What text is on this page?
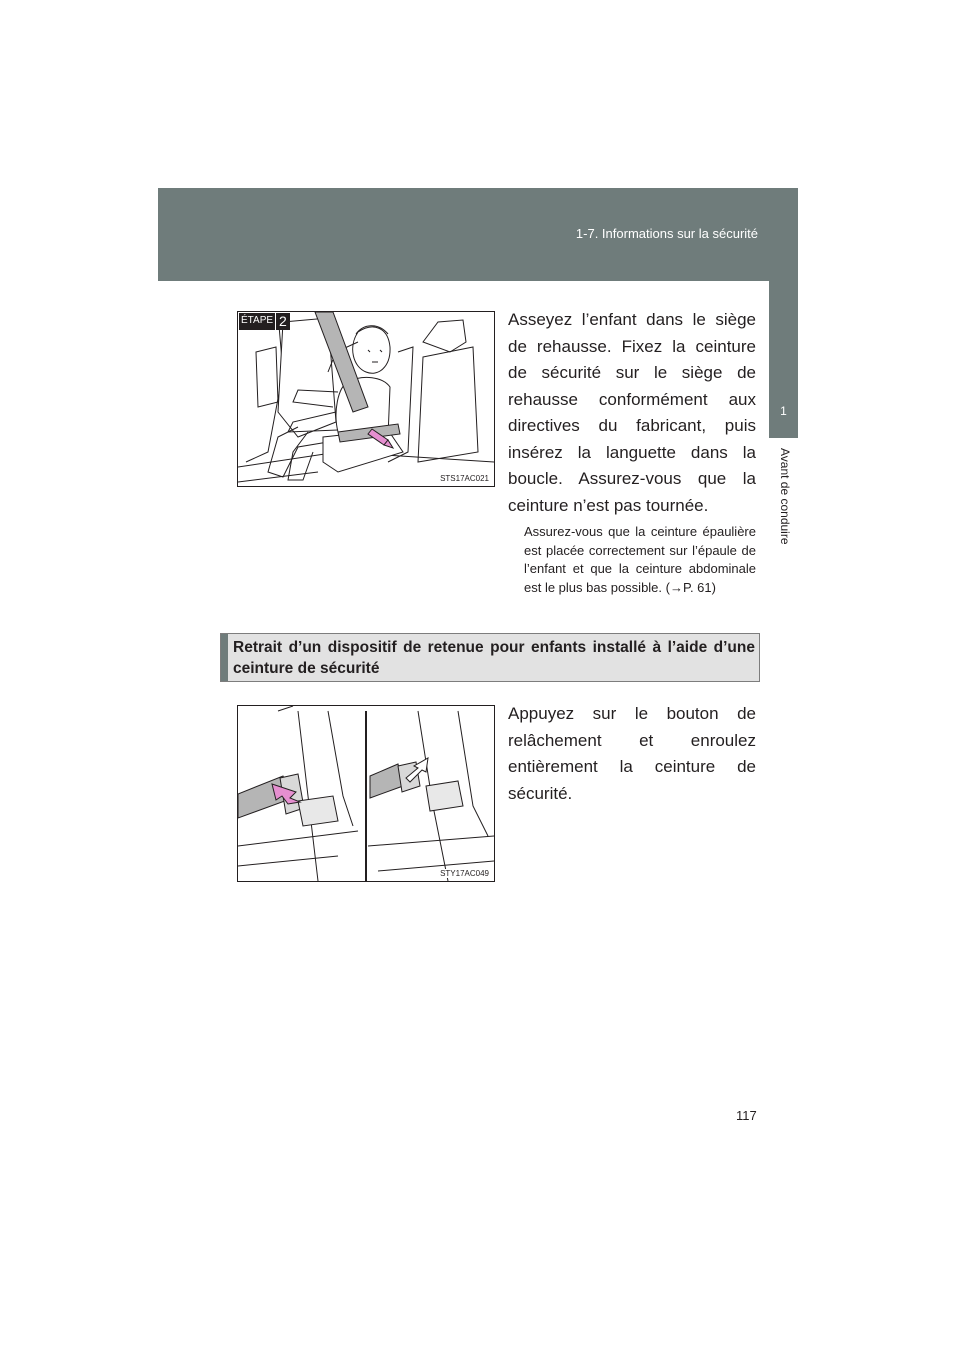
1-7. Informations sur la sécurité
1
Avant de conduire
ÉTAPE 2
STS17AC021
Asseyez l’enfant dans le siège de rehausse. Fixez la ceinture de sécurité sur le siège de rehausse conformément aux directives du fabricant, puis insérez la languette dans la boucle. Assurez-vous que la ceinture n’est pas tournée.
Assurez-vous que la ceinture épaulière est placée correctement sur l’épaule de l’enfant et que la ceinture abdominale est le plus bas possible. (→P. 61)
Retrait d’un dispositif de retenue pour enfants installé à l’aide d’une ceinture de sécurité
STY17AC049
Appuyez sur le bouton de relâchement et enroulez entièrement la ceinture de sécurité.
117
